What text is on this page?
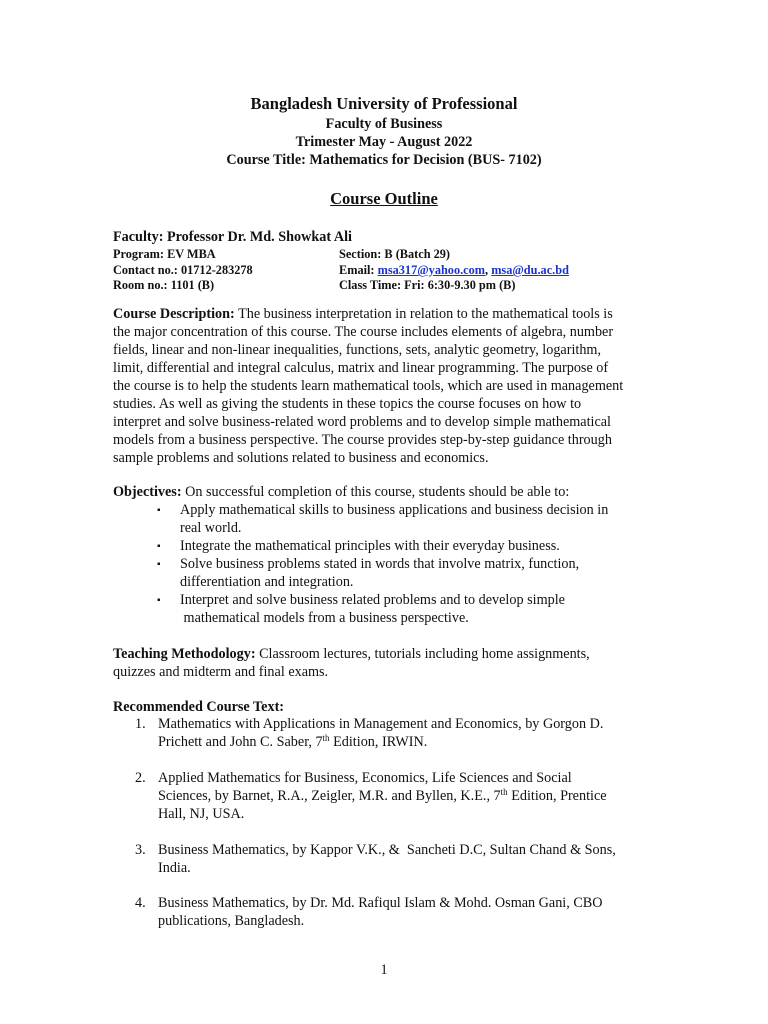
Bangladesh University of Professional
Faculty of Business
Trimester May - August 2022
Course Title: Mathematics for Decision (BUS- 7102)
Course Outline
Faculty: Professor Dr. Md. Showkat Ali
Program: EV MBA	Section: B (Batch 29)
Contact no.: 01712-283278	Email: msa317@yahoo.com, msa@du.ac.bd
Room no.: 1101 (B)	Class Time: Fri: 6:30-9.30 pm (B)
Course Description: The business interpretation in relation to the mathematical tools is
the major concentration of this course. The course includes elements of algebra, number
fields, linear and non-linear inequalities, functions, sets, analytic geometry, logarithm,
limit, differential and integral calculus, matrix and linear programming. The purpose of
the course is to help the students learn mathematical tools, which are used in management
studies. As well as giving the students in these topics the course focuses on how to
interpret and solve business-related word problems and to develop simple mathematical
models from a business perspective. The course provides step-by-step guidance through
sample problems and solutions related to business and economics.
Objectives: On successful completion of this course, students should be able to:
▪ Apply mathematical skills to business applications and business decision in
real world.
▪ Integrate the mathematical principles with their everyday business.
▪ Solve business problems stated in words that involve matrix, function,
differentiation and integration.
▪ Interpret and solve business related problems and to develop simple
mathematical models from a business perspective.
Teaching Methodology: Classroom lectures, tutorials including home assignments,
quizzes and midterm and final exams.
Recommended Course Text:
1. Mathematics with Applications in Management and Economics, by Gorgon D.
Prichett and John C. Saber, 7th Edition, IRWIN.
2. Applied Mathematics for Business, Economics, Life Sciences and Social
Sciences, by Barnet, R.A., Zeigler, M.R. and Byllen, K.E., 7th Edition, Prentice
Hall, NJ, USA.
3. Business Mathematics, by Kappor V.K., &  Sancheti D.C, Sultan Chand & Sons,
India.
4. Business Mathematics, by Dr. Md. Rafiqul Islam & Mohd. Osman Gani, CBO
publications, Bangladesh.
1
